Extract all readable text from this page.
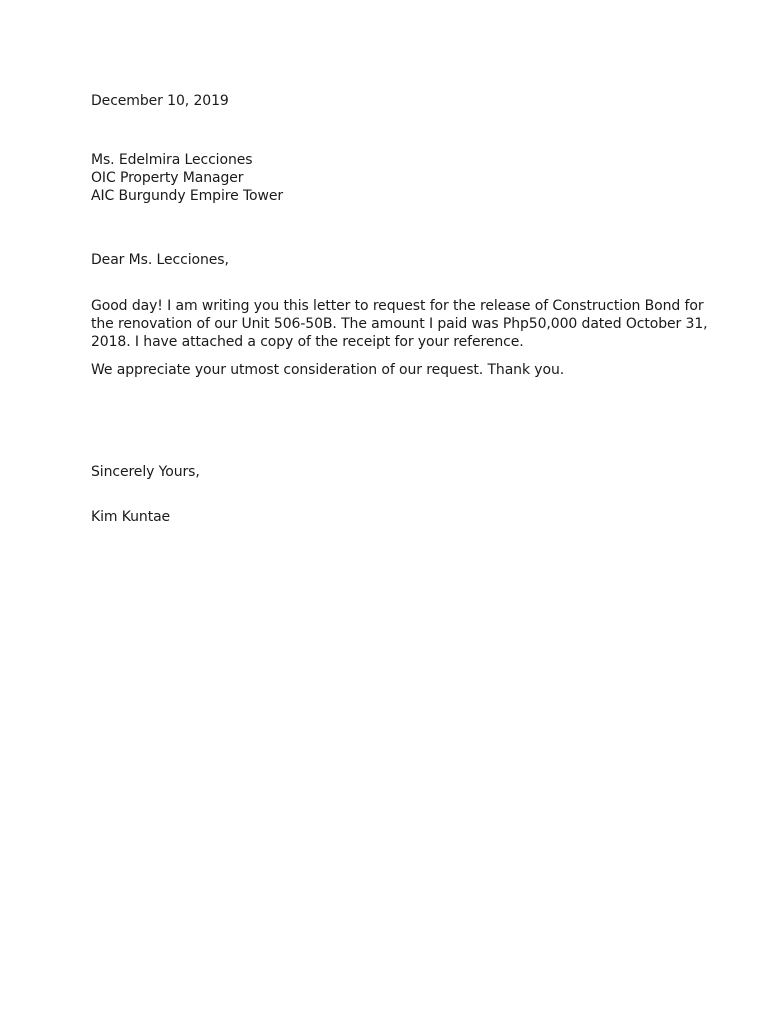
December 10, 2019
Ms. Edelmira Lecciones
OIC Property Manager
AIC Burgundy Empire Tower
Dear Ms. Lecciones,
Good day! I am writing you this letter to request for the release of Construction Bond for
the renovation of our Unit 506-50B. The amount I paid was Php50,000 dated October 31,
2018. I have attached a copy of the receipt for your reference.
We appreciate your utmost consideration of our request. Thank you.
Sincerely Yours,
Kim Kuntae
